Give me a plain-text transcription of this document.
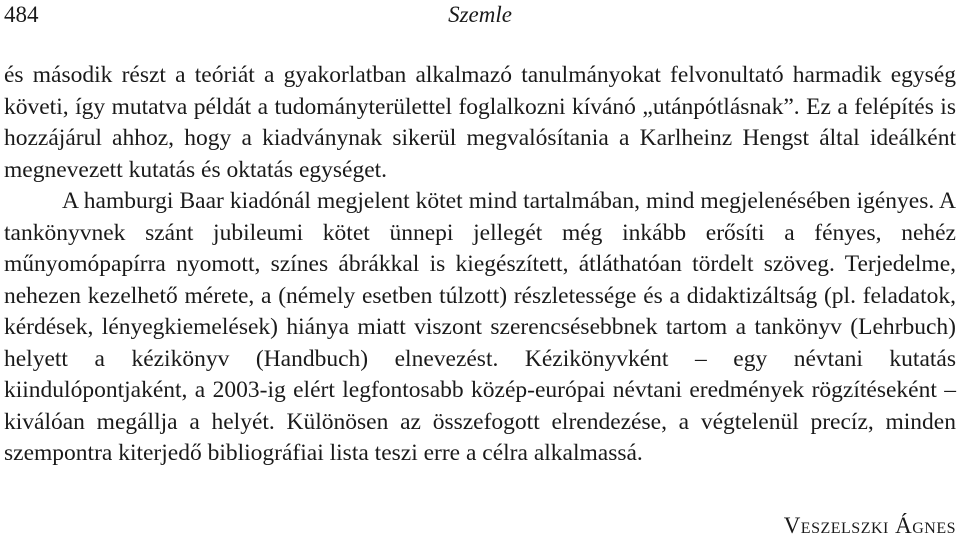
484	Szemle

és második részt a teóriát a gyakorlatban alkalmazó tanulmányokat felvonultató harmadik egység követi, így mutatva példát a tudományterülettel foglalkozni kívánó „utánpótlásnak”. Ez a felépítés is hozzájárul ahhoz, hogy a kiadványnak sikerül megvalósítania a Karlheinz Hengst által ideálként megnevezett kutatás és oktatás egységet.

A hamburgi Baar kiadónál megjelent kötet mind tartalmában, mind megjelenésében igényes. A tankönyvnek szánt jubileumi kötet ünnepi jellegét még inkább erősíti a fényes, nehéz műnyomópapírra nyomott, színes ábrákkal is kiegészített, átláthatóan tördelt szöveg. Terjedelme, nehezen kezelhető mérete, a (némely esetben túlzott) részletessége és a didaktizáltság (pl. feladatok, kérdések, lényegkiemelések) hiánya miatt viszont szerencsésebbnek tartom a tankönyv (Lehrbuch) helyett a kézikönyv (Handbuch) elnevezést. Kézikönyvként – egy névtani kutatás kiindulópontjaként, a 2003-ig elért legfontosabb közép-európai névtani eredmények rögzítéseként – kiválóan megállja a helyét. Különösen az összefogott elrendezése, a végtelenül precíz, minden szempontra kiterjedő bibliográfiai lista teszi erre a célra alkalmassá.

Veszelszki Ágnes
